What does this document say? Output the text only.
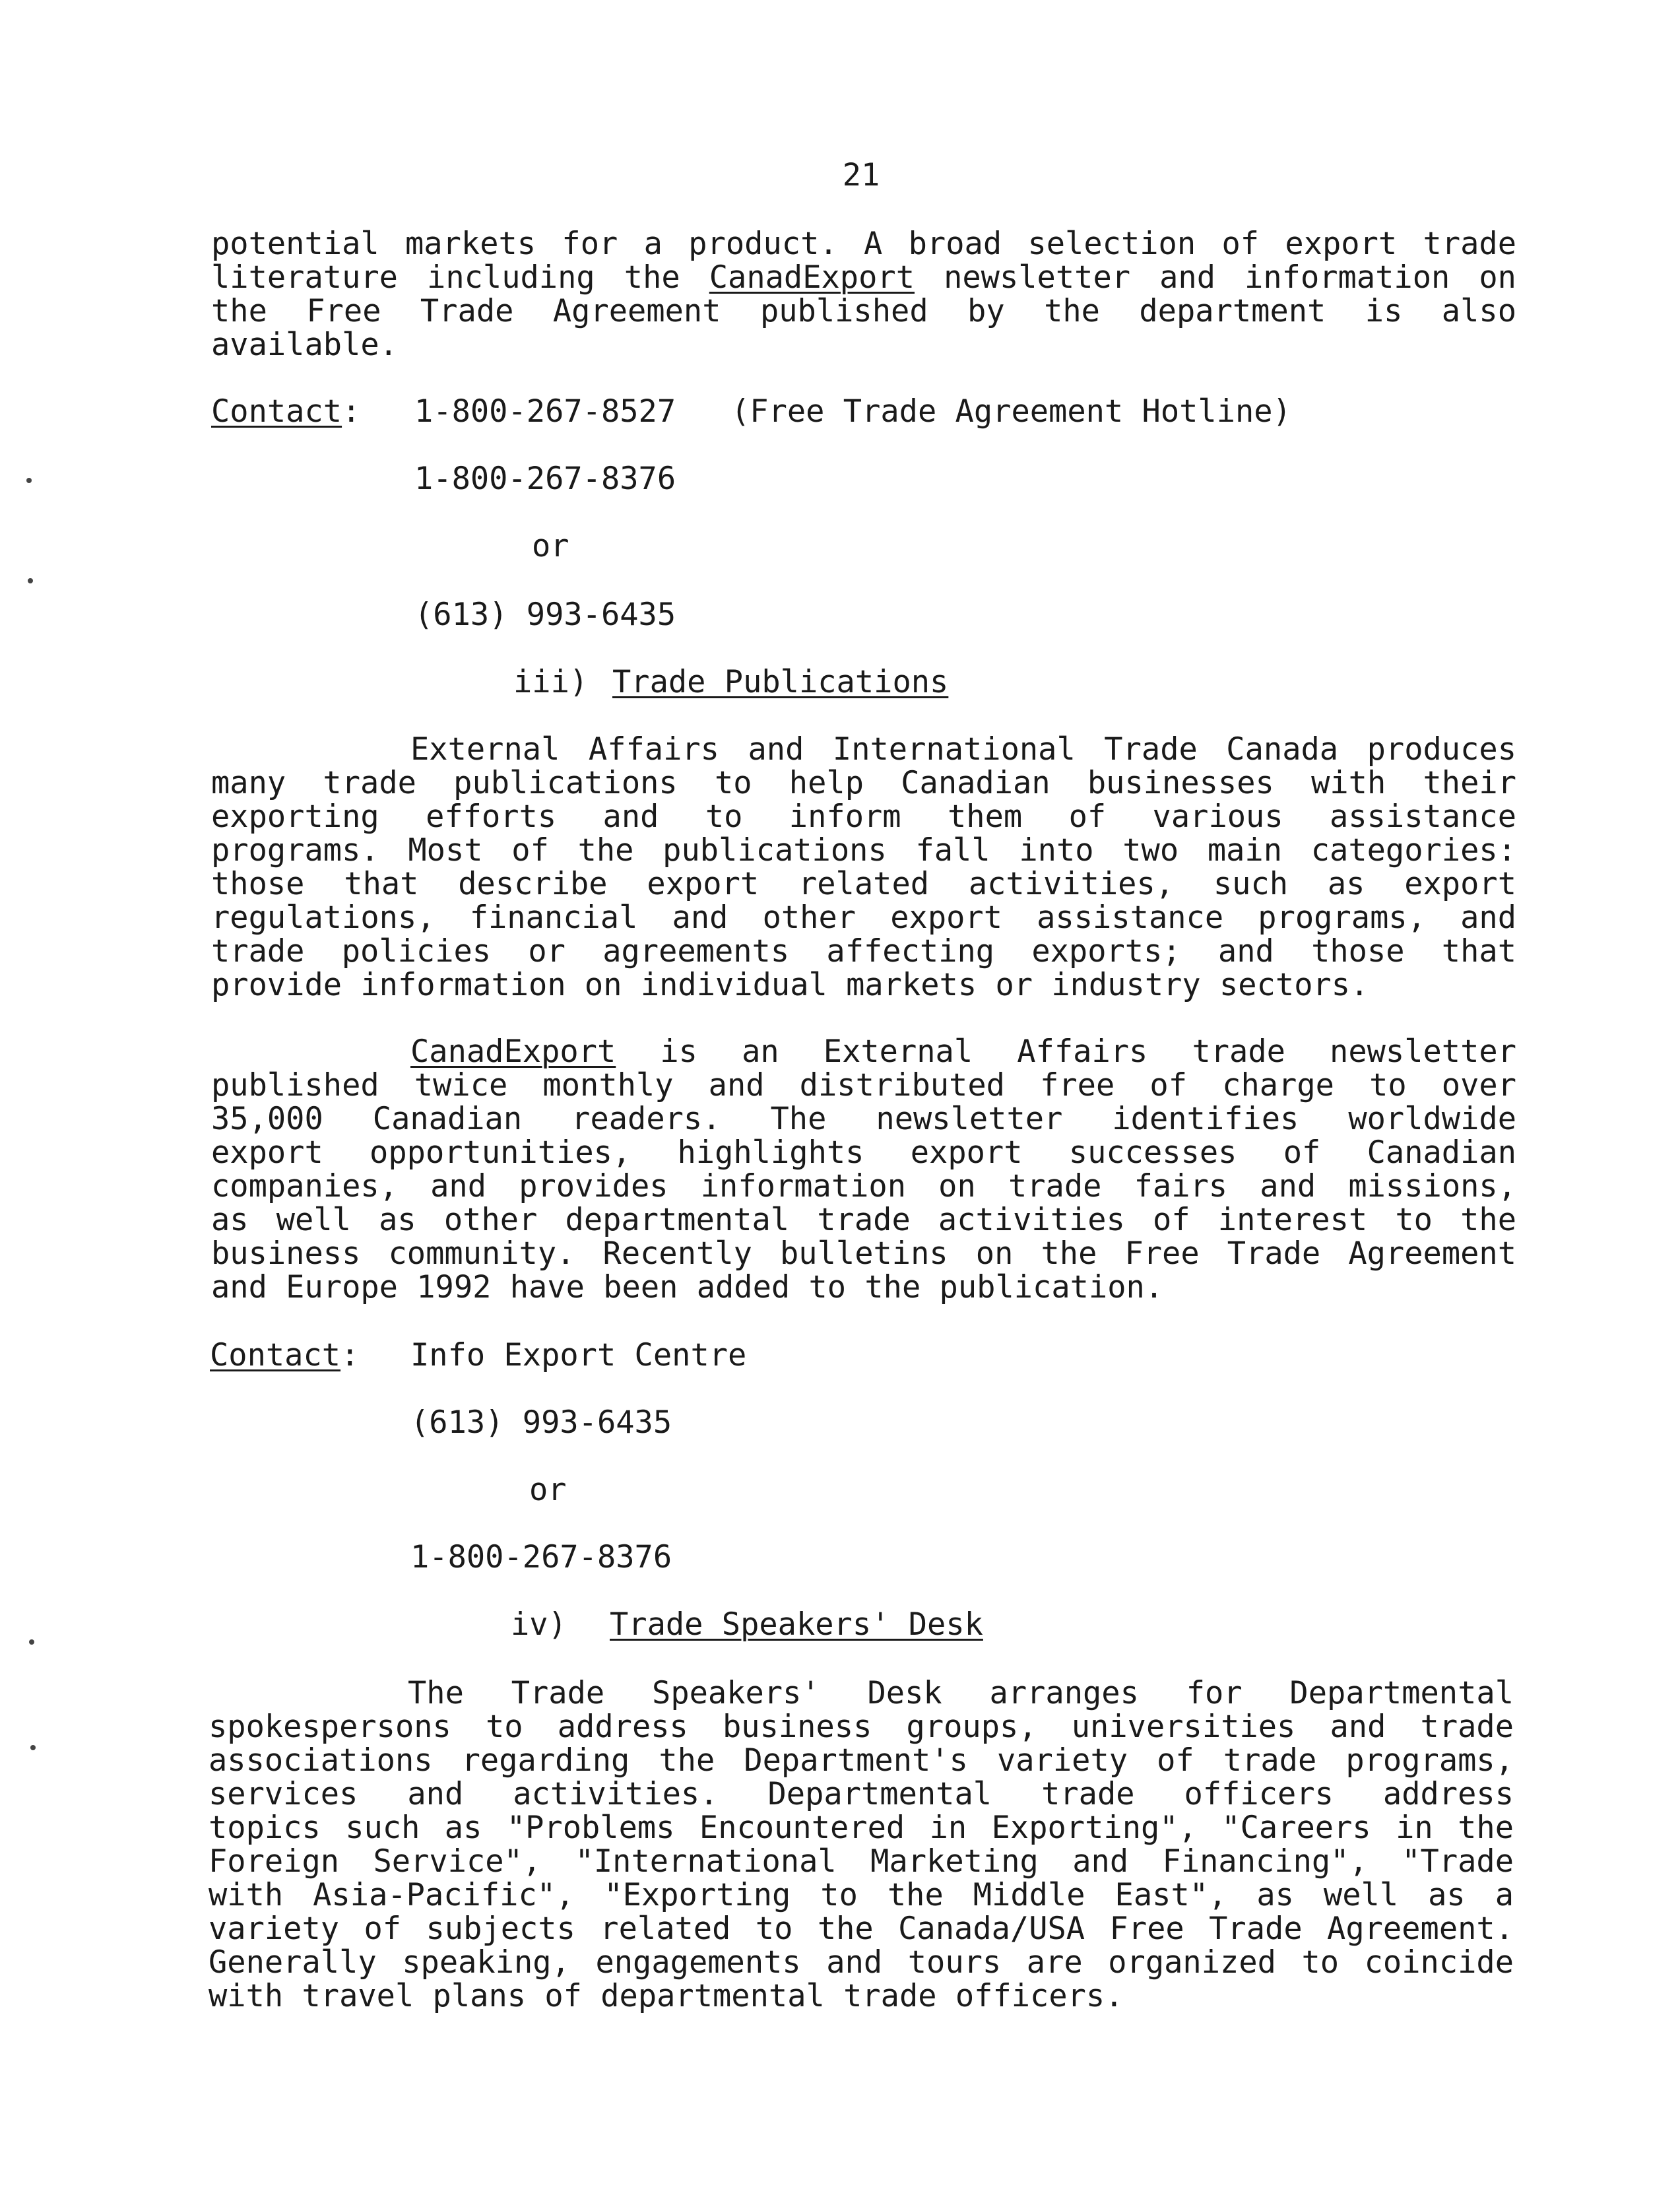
21
potential markets for a product. A broad selection of export trade
literature including the CanadExport newsletter and information on
the Free Trade Agreement published by the department is also
available.
Contact:	1-800-267-8527	(Free Trade Agreement Hotline)
1-800-267-8376
or
(613) 993-6435
iii) Trade Publications
External Affairs and International Trade Canada produces
many trade publications to help Canadian businesses with their
exporting efforts and to inform them of various assistance
programs. Most of the publications fall into two main categories:
those that describe export related activities, such as export
regulations, financial and other export assistance programs, and
trade policies or agreements affecting exports; and those that
provide information on individual markets or industry sectors.
CanadExport is an External Affairs trade newsletter
published twice monthly and distributed free of charge to over
35,000 Canadian readers. The newsletter identifies worldwide
export opportunities, highlights export successes of Canadian
companies, and provides information on trade fairs and missions,
as well as other departmental trade activities of interest to the
business community. Recently bulletins on the Free Trade Agreement
and Europe 1992 have been added to the publication.
Contact:	Info Export Centre
(613) 993-6435
or
1-800-267-8376
iv)	Trade Speakers' Desk
The Trade Speakers' Desk arranges for Departmental
spokespersons to address business groups, universities and trade
associations regarding the Department's variety of trade programs,
services and activities. Departmental trade officers address
topics such as "Problems Encountered in Exporting", "Careers in the
Foreign Service", "International Marketing and Financing", "Trade
with Asia-Pacific", "Exporting to the Middle East", as well as a
variety of subjects related to the Canada/USA Free Trade Agreement.
Generally speaking, engagements and tours are organized to coincide
with travel plans of departmental trade officers.
